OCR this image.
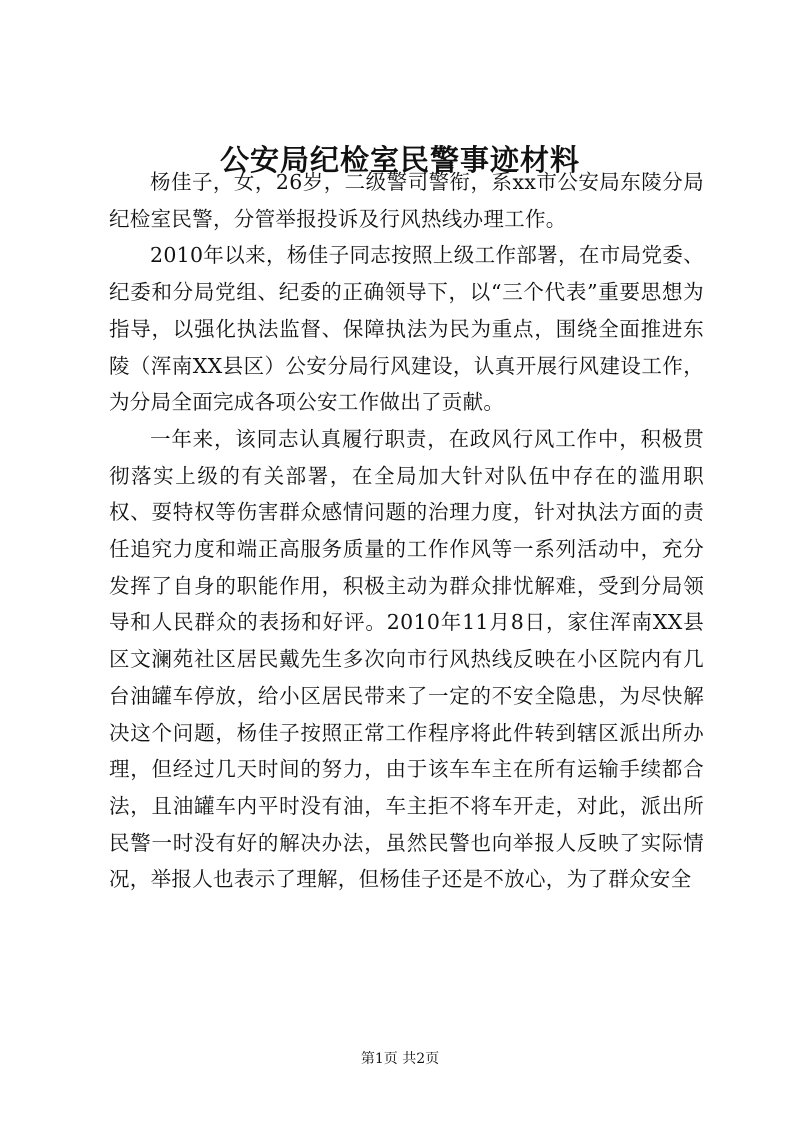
公安局纪检室民警事迹材料

杨佳子，女，26岁，二级警司警衔，系xx市公安局东陵分局纪检室民警，分管举报投诉及行风热线办理工作。

2010年以来，杨佳子同志按照上级工作部署，在市局党委、纪委和分局党组、纪委的正确领导下，以“三个代表”重要思想为指导，以强化执法监督、保障执法为民为重点，围绕全面推进东陵（浑南XX县区）公安分局行风建设，认真开展行风建设工作，为分局全面完成各项公安工作做出了贡献。

一年来，该同志认真履行职责，在政风行风工作中，积极贯彻落实上级的有关部署，在全局加大针对队伍中存在的滥用职权、耍特权等伤害群众感情问题的治理力度，针对执法方面的责任追究力度和端正高服务质量的工作作风等一系列活动中，充分发挥了自身的职能作用，积极主动为群众排忧解难，受到分局领导和人民群众的表扬和好评。2010年11月8日，家住浑南XX县区文澜苑社区居民戴先生多次向市行风热线反映在小区院内有几台油罐车停放，给小区居民带来了一定的不安全隐患，为尽快解决这个问题，杨佳子按照正常工作程序将此件转到辖区派出所办理，但经过几天时间的努力，由于该车车主在所有运输手续都合法，且油罐车内平时没有油，车主拒不将车开走，对此，派出所民警一时没有好的解决办法，虽然民警也向举报人反映了实际情况，举报人也表示了理解，但杨佳子还是不放心，为了群众安全

第1页 共2页
